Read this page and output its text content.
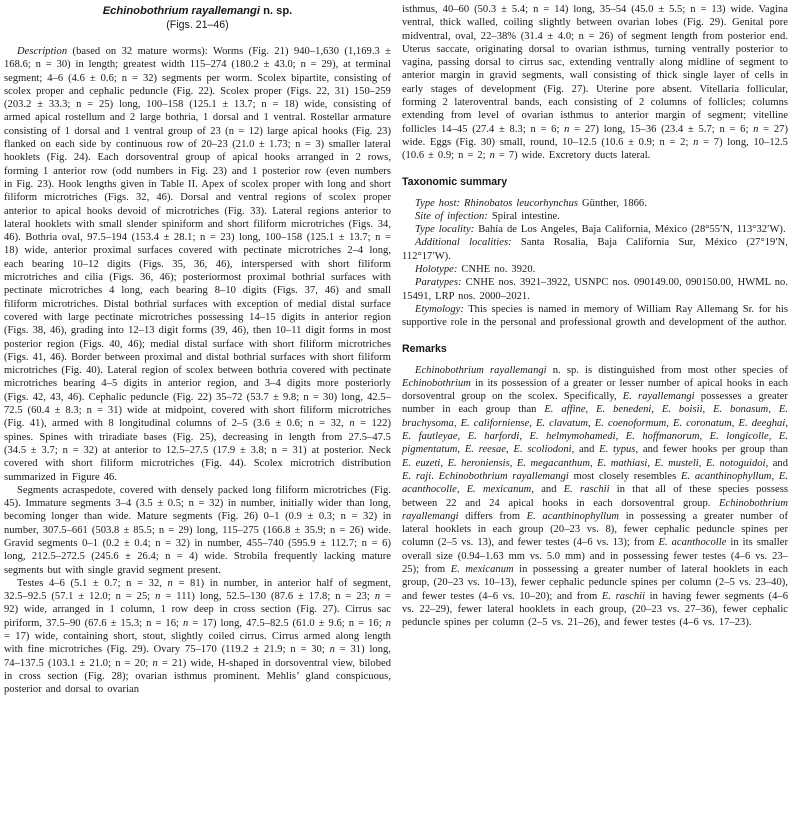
Echinobothrium rayallemangi n. sp.
(Figs. 21–46)

Description (based on 32 mature worms): Worms (Fig. 21) 940–1,630 (1,169.3 ± 168.6; n = 30) in length; greatest width 115–274 (180.2 ± 43.0; n = 29), at terminal segment; 4–6 (4.6 ± 0.6; n = 32) segments per worm. Scolex bipartite, consisting of scolex proper and cephalic peduncle (Fig. 22). Scolex proper (Figs. 22, 31) 150–259 (203.2 ± 33.3; n = 25) long, 100–158 (125.1 ± 13.7; n = 18) wide, consisting of armed apical rostellum and 2 large bothria, 1 dorsal and 1 ventral. Rostellar armature consisting of 1 dorsal and 1 ventral group of 23 (n = 12) large apical hooks (Fig. 23) flanked on each side by continuous row of 20–23 (21.0 ± 1.73; n = 3) smaller lateral hooklets (Fig. 24). Each dorsoventral group of apical hooks arranged in 2 rows, forming 1 anterior row (odd numbers in Fig. 23) and 1 posterior row (even numbers in Fig. 23). Hook lengths given in Table II. Apex of scolex proper with long and short filiform microtriches (Figs. 32, 46). Dorsal and ventral regions of scolex proper anterior to apical hooks devoid of microtriches (Fig. 33). Lateral regions anterior to lateral hooklets with small slender spiniform and short filiform microtriches (Figs. 34, 46). Bothria oval, 97.5–194 (153.4 ± 28.1; n = 23) long, 100–158 (125.1 ± 13.7; n = 18) wide, anterior proximal surfaces covered with pectinate microtriches 2–4 long, each bearing 10–12 digits (Figs. 35, 36, 46), interspersed with short filiform microtriches and cilia (Figs. 36, 46); posteriormost proximal bothrial surfaces with pectinate microtriches 4 long, each bearing 8–10 digits (Figs. 37, 46) and small filiform microtriches. Distal bothrial surfaces with exception of medial distal surface covered with large pectinate microtriches possessing 14–15 digits in anterior region (Figs. 38, 46), grading into 12–13 digit forms (39, 46), then 10–11 digit forms in most posterior region (Figs. 40, 46); medial distal surface with short filiform microtriches (Figs. 41, 46). Border between proximal and distal bothrial surfaces with short filiform microtriches (Fig. 40). Lateral region of scolex between bothria covered with pectinate microtriches bearing 4–5 digits in anterior region, and 3–4 digits more posteriorly (Figs. 42, 43, 46). Cephalic peduncle (Fig. 22) 35–72 (53.7 ± 9.8; n = 30) long, 42.5–72.5 (60.4 ± 8.3; n = 31) wide at midpoint, covered with short filiform microtriches (Fig. 41), armed with 8 longitudinal columns of 2–5 (3.6 ± 0.6; n = 32, n = 122) spines. Spines with triradiate bases (Fig. 25), decreasing in length from 27.5–47.5 (34.5 ± 3.7; n = 32) at anterior to 12.5–27.5 (17.9 ± 3.8; n = 31) at posterior. Neck covered with short filiform microtriches (Fig. 44). Scolex microtrich distribution summarized in Figure 46.

Segments acraspedote, covered with densely packed long filiform microtriches (Fig. 45). Immature segments 3–4 (3.5 ± 0.5; n = 32) in number, initially wider than long, becoming longer than wide. Mature segments (Fig. 26) 0–1 (0.9 ± 0.3; n = 32) in number, 307.5–661 (503.8 ± 85.5; n = 29) long, 115–275 (166.8 ± 35.9; n = 26) wide. Gravid segments 0–1 (0.2 ± 0.4; n = 32) in number, 455–740 (595.9 ± 112.7; n = 6) long, 212.5–272.5 (245.6 ± 26.4; n = 4) wide. Strobila frequently lacking mature segments but with single gravid segment present.

Testes 4–6 (5.1 ± 0.7; n = 32, n = 81) in number, in anterior half of segment, 32.5–92.5 (57.1 ± 12.0; n = 25; n = 111) long, 52.5–130 (87.6 ± 17.8; n = 23; n = 92) wide, arranged in 1 column, 1 row deep in cross section (Fig. 27). Cirrus sac piriform, 37.5–90 (67.6 ± 15.3; n = 16; n = 17) long, 47.5–82.5 (61.0 ± 9.6; n = 16; n = 17) wide, containing short, stout, slightly coiled cirrus. Cirrus armed along length with fine microtriches (Fig. 29). Ovary 75–170 (119.2 ± 21.9; n = 30; n = 31) long, 74–137.5 (103.1 ± 21.0; n = 20; n = 21) wide, H-shaped in dorsoventral view, bilobed in cross section (Fig. 28); ovarian isthmus prominent. Mehlis’ gland conspicuous, posterior and dorsal to ovarian

isthmus, 40–60 (50.3 ± 5.4; n = 14) long, 35–54 (45.0 ± 5.5; n = 13) wide. Vagina ventral, thick walled, coiling slightly between ovarian lobes (Fig. 29). Genital pore midventral, oval, 22–38% (31.4 ± 4.0; n = 26) of segment length from posterior end. Uterus saccate, originating dorsal to ovarian isthmus, turning ventrally posterior to vagina, passing dorsal to cirrus sac, extending ventrally along midline of segment to anterior margin in gravid segments, wall consisting of thick single layer of cells in early stages of development (Fig. 27). Uterine pore absent. Vitellaria follicular, forming 2 lateroventral bands, each consisting of 2 columns of follicles; columns extending from level of ovarian isthmus to anterior margin of segment; vitelline follicles 14–45 (27.4 ± 8.3; n = 6; n = 27) long, 15–36 (23.4 ± 5.7; n = 6; n = 27) wide. Eggs (Fig. 30) small, round, 10–12.5 (10.6 ± 0.9; n = 2; n = 7) long, 10–12.5 (10.6 ± 0.9; n = 2; n = 7) wide. Excretory ducts lateral.

Taxonomic summary

Type host: Rhinobatos leucorhynchus Günther, 1866.

Site of infection: Spiral intestine.

Type locality: Bahía de Los Angeles, Baja California, México (28°55′N, 113°32′W).

Additional localities: Santa Rosalia, Baja California Sur, México (27°19′N, 112°17′W).

Holotype: CNHE no. 3920.

Paratypes: CNHE nos. 3921–3922, USNPC nos. 090149.00, 090150.00, HWML no. 15491, LRP nos. 2000–2021.

Etymology: This species is named in memory of William Ray Allemang Sr. for his supportive role in the personal and professional growth and development of the author.

Remarks

Echinobothrium rayallemangi n. sp. is distinguished from most other species of Echinobothrium in its possession of a greater or lesser number of apical hooks in each dorsoventral group on the scolex. Specifically, E. rayallemangi possesses a greater number in each group than E. affine, E. benedeni, E. boisii, E. bonasum, E. brachysoma, E. californiense, E. clavatum, E. coenoformum, E. coronatum, E. deeghai, E. fautleyae, E. harfordi, E. helmymohamedi, E. hoffmanorum, E. longicolle, E. pigmentatum, E. reesae, E. scoliodoni, and E. typus, and fewer hooks per group than E. euzeti, E. heroniensis, E. megacanthum, E. mathiasi, E. musteli, E. notoguidoi, and E. raji. Echinobothrium rayallemangi most closely resembles E. acanthinophyllum, E. acanthocolle, E. mexicanum, and E. raschii in that all of these species possess between 22 and 24 apical hooks in each dorsoventral group. Echinobothrium rayallemangi differs from E. acanthinophyllum in possessing a greater number of lateral hooklets in each group (20–23 vs. 8), fewer cephalic peduncle spines per column (2–5 vs. 13), and fewer testes (4–6 vs. 13); from E. acanthocolle in its smaller overall size (0.94–1.63 mm vs. 5.0 mm) and in possessing fewer testes (4–6 vs. 23–25); from E. mexicanum in possessing a greater number of lateral hooklets in each group, (20–23 vs. 10–13), fewer cephalic peduncle spines per column (2–5 vs. 23–40), and fewer testes (4–6 vs. 10–20); and from E. raschii in having fewer segments (4–6 vs. 22–29), fewer lateral hooklets in each group, (20–23 vs. 27–36), fewer cephalic peduncle spines per column (2–5 vs. 21–26), and fewer testes (4–6 vs. 17–23).
